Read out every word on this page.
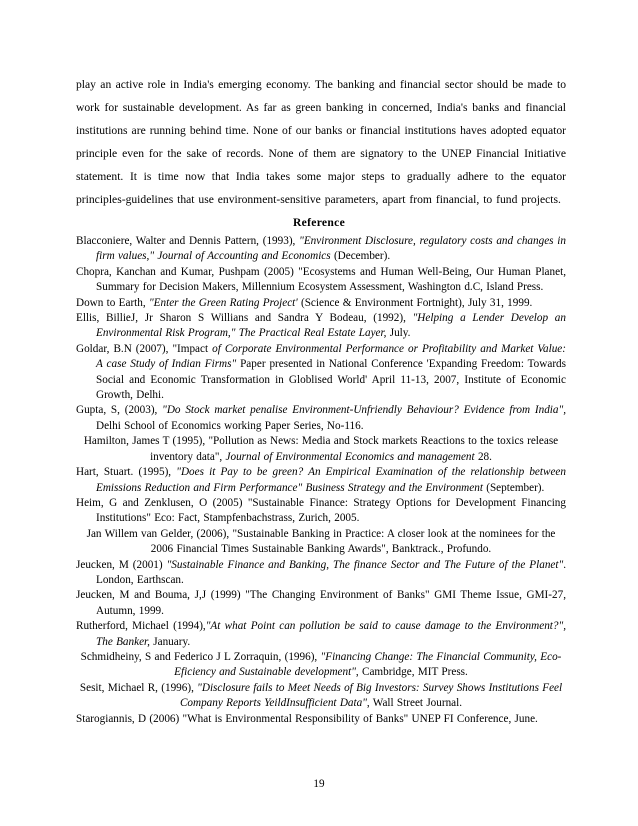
play an active role in India's emerging economy. The banking and financial sector should be made to work for sustainable development. As far as green banking in concerned, India's banks and financial institutions are running behind time. None of our banks or financial institutions haves adopted equator principle even for the sake of records. None of them are signatory to the UNEP Financial Initiative statement. It is time now that India takes some major steps to gradually adhere to the equator principles-guidelines that use environment-sensitive parameters, apart from financial, to fund projects.

Reference

Blacconiere, Walter and Dennis Pattern, (1993), "Environment Disclosure, regulatory costs and changes in firm values," Journal of Accounting and Economics (December).

Chopra, Kanchan and Kumar, Pushpam (2005) "Ecosystems and Human Well-Being, Our Human Planet, Summary for Decision Makers, Millennium Ecosystem Assessment, Washington d.C, Island Press.

Down to Earth, "Enter the Green Rating Project' (Science & Environment Fortnight), July 31, 1999.

Ellis, BillieJ, Jr Sharon S Willians and Sandra Y Bodeau, (1992), "Helping a Lender Develop an Environmental Risk Program," The Practical Real Estate Layer, July.

Goldar, B.N (2007), "Impact of Corporate Environmental Performance or Profitability and Market Value: A case Study of Indian Firms" Paper presented in National Conference 'Expanding Freedom: Towards Social and Economic Transformation in Globlised World' April 11-13, 2007, Institute of Economic Growth, Delhi.

Gupta, S, (2003), "Do Stock market penalise Environment-Unfriendly Behaviour? Evidence from India", Delhi School of Economics working Paper Series, No-116.

Hamilton, James T (1995), "Pollution as News: Media and Stock markets Reactions to the toxics release inventory data", Journal of Environmental Economics and management 28.

Hart, Stuart. (1995), "Does it Pay to be green? An Empirical Examination of the relationship between Emissions Reduction and Firm Performance" Business Strategy and the Environment (September).

Heim, G and Zenklusen, O (2005) "Sustainable Finance: Strategy Options for Development Financing Institutions" Eco: Fact, Stampfenbachstrass, Zurich, 2005.

Jan Willem van Gelder, (2006), "Sustainable Banking in Practice: A closer look at the nominees for the 2006 Financial Times Sustainable Banking Awards", Banktrack., Profundo.

Jeucken, M (2001) "Sustainable Finance and Banking, The finance Sector and The Future of the Planet". London, Earthscan.

Jeucken, M and Bouma, J,J (1999) "The Changing Environment of Banks" GMI Theme Issue, GMI-27, Autumn, 1999.

Rutherford, Michael (1994),"At what Point can pollution be said to cause damage to the Environment?", The Banker, January.

Schmidheiny, S and Federico J L Zorraquin, (1996), "Financing Change: The Financial Community, Eco-Eficiency and Sustainable development", Cambridge, MIT Press.

Sesit, Michael R, (1996), "Disclosure fails to Meet Needs of Big Investors: Survey Shows Institutions Feel Company Reports YeildInsufficient Data", Wall Street Journal.

Starogiannis, D (2006) "What is Environmental Responsibility of Banks" UNEP FI Conference, June.

19
